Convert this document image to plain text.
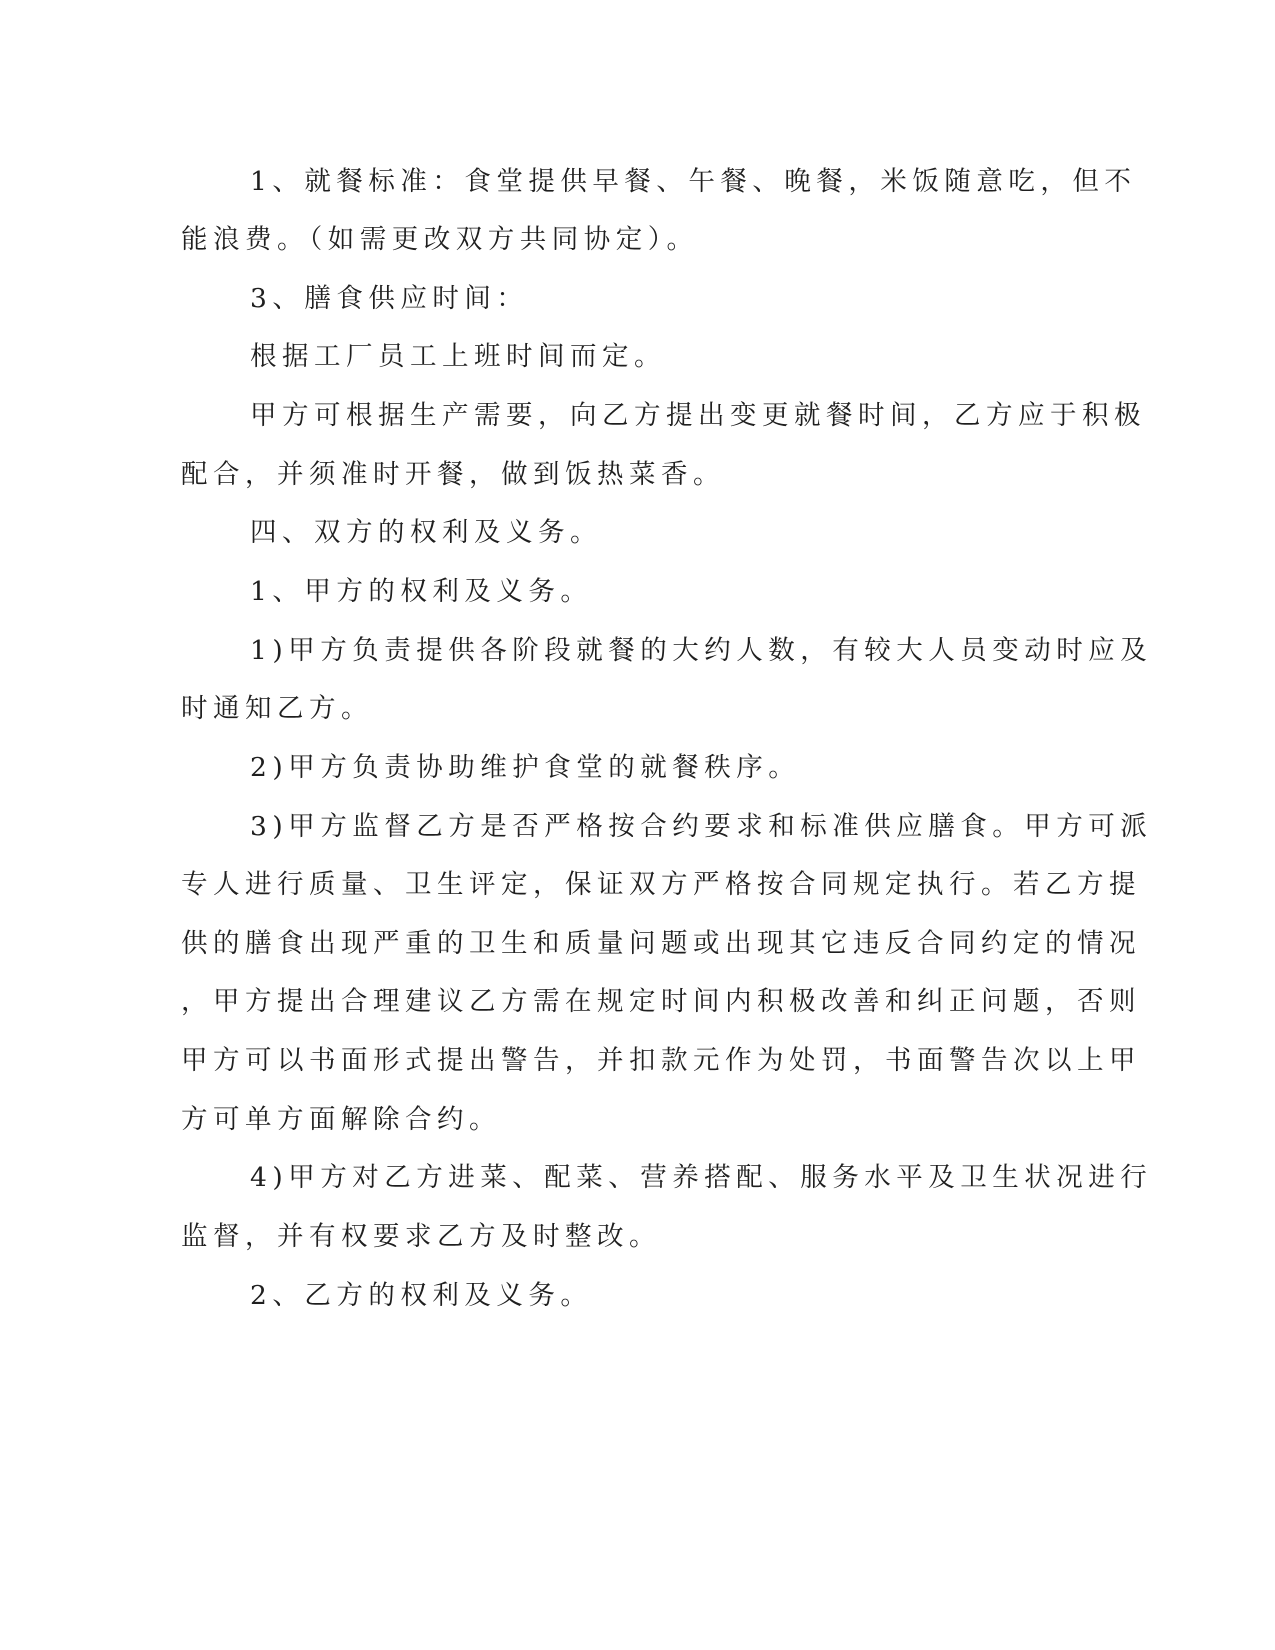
1、就餐标准：食堂提供早餐、午餐、晚餐，米饭随意吃，但不
能浪费。（如需更改双方共同协定）。
3、膳食供应时间：
根据工厂员工上班时间而定。
甲方可根据生产需要，向乙方提出变更就餐时间，乙方应于积极
配合，并须准时开餐，做到饭热菜香。
四、双方的权利及义务。
1、甲方的权利及义务。
1)甲方负责提供各阶段就餐的大约人数，有较大人员变动时应及
时通知乙方。
2)甲方负责协助维护食堂的就餐秩序。
3)甲方监督乙方是否严格按合约要求和标准供应膳食。甲方可派
专人进行质量、卫生评定，保证双方严格按合同规定执行。若乙方提
供的膳食出现严重的卫生和质量问题或出现其它违反合同约定的情况
，甲方提出合理建议乙方需在规定时间内积极改善和纠正问题，否则
甲方可以书面形式提出警告，并扣款元作为处罚，书面警告次以上甲
方可单方面解除合约。
4)甲方对乙方进菜、配菜、营养搭配、服务水平及卫生状况进行
监督，并有权要求乙方及时整改。
2、乙方的权利及义务。
